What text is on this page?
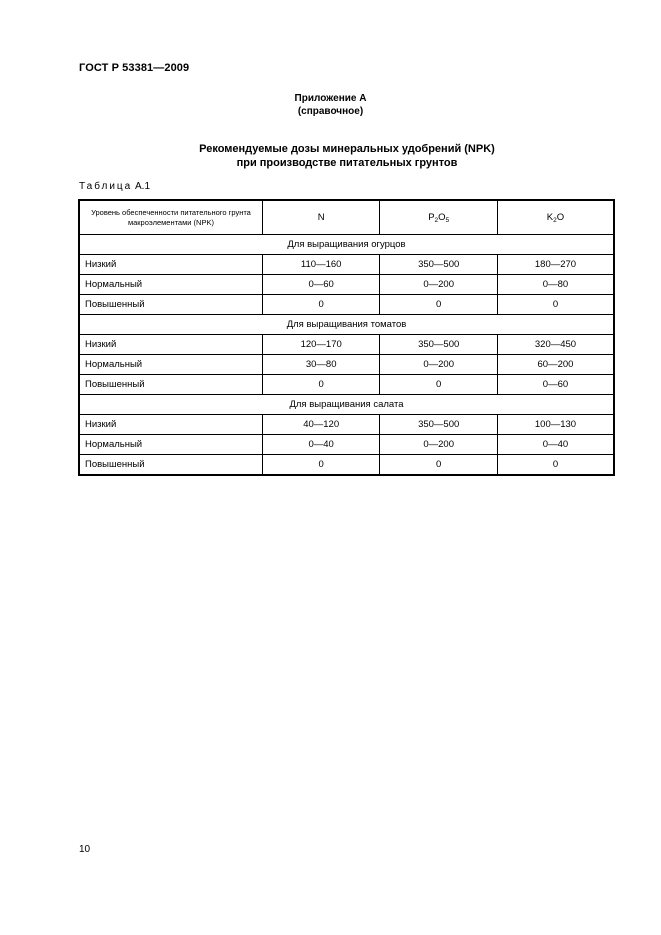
ГОСТ Р 53381—2009
Приложение А
(справочное)
Рекомендуемые дозы минеральных удобрений (NPK)
при производстве питательных грунтов
Таблица А.1
Уровень обеспеченности питательного грунта макроэлементами (NPK)	N	$P_2O_5$	$K_2O$
Для выращивания огурцов			
Низкий	110—160	350—500	180—270
Нормальный	0—60	0—200	0—80
Повышенный	0	0	0
Для выращивания томатов			
Низкий	120—170	350—500	320—450
Нормальный	30—80	0—200	60—200
Повышенный	0	0	0—60
Для выращивания салата			
Низкий	40—120	350—500	100—130
Нормальный	0—40	0—200	0—40
Повышенный	0	0	0
10
